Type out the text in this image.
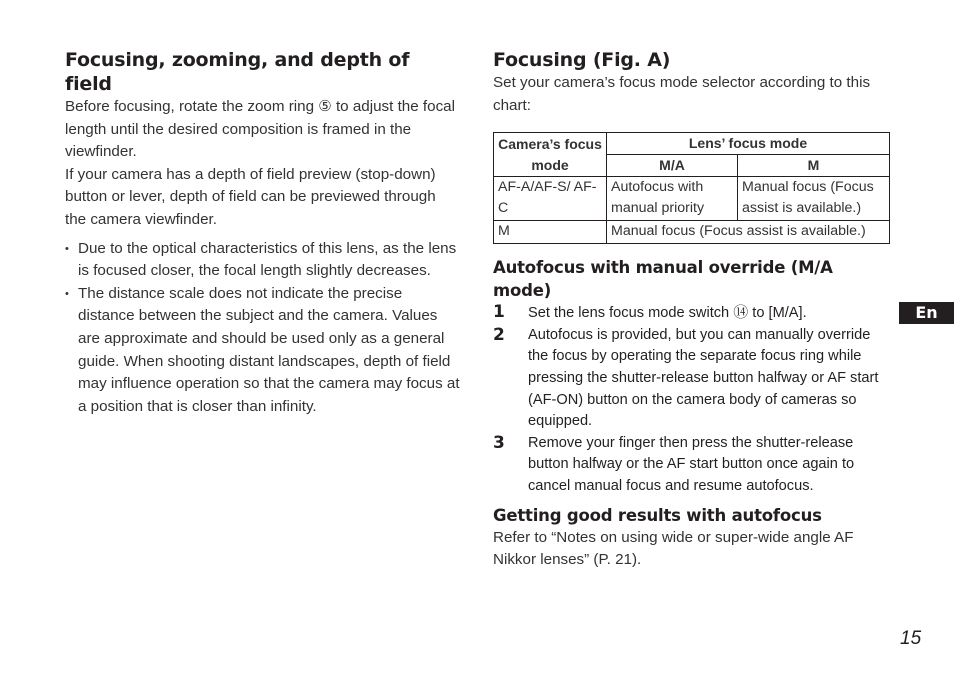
Focusing, zooming, and depth of field

Before focusing, rotate the zoom ring ⑤ to adjust the focal length until the desired composition is framed in the viewfinder.

If your camera has a depth of field preview (stop-down) button or lever, depth of field can be previewed through the camera viewfinder.

• Due to the optical characteristics of this lens, as the lens is focused closer, the focal length slightly decreases.
• The distance scale does not indicate the precise distance between the subject and the camera. Values are approximate and should be used only as a general guide. When shooting distant landscapes, depth of field may influence operation so that the camera may focus at a position that is closer than infinity.
Focusing (Fig. A)

Set your camera’s focus mode selector according to this chart:

Camera’s focus mode	Lens’ focus mode	
	M/A	M
AF-A/AF-S/ AF-C	Autofocus with manual priority	Manual focus (Focus assist is available.)
M	Manual focus (Focus assist is available.)	
Autofocus with manual override (M/A mode)
1	Set the lens focus mode switch ⑭ to [M/A].
2	Autofocus is provided, but you can manually override the focus by operating the separate focus ring while pressing the shutter-release button halfway or AF start (AF-ON) button on the camera body of cameras so equipped.
3	Remove your finger then press the shutter-release button halfway or the AF start button once again to cancel manual focus and resume autofocus.
Getting good results with autofocus

Refer to “Notes on using wide or super-wide angle AF Nikkor lenses” (P. 21).

En
15
